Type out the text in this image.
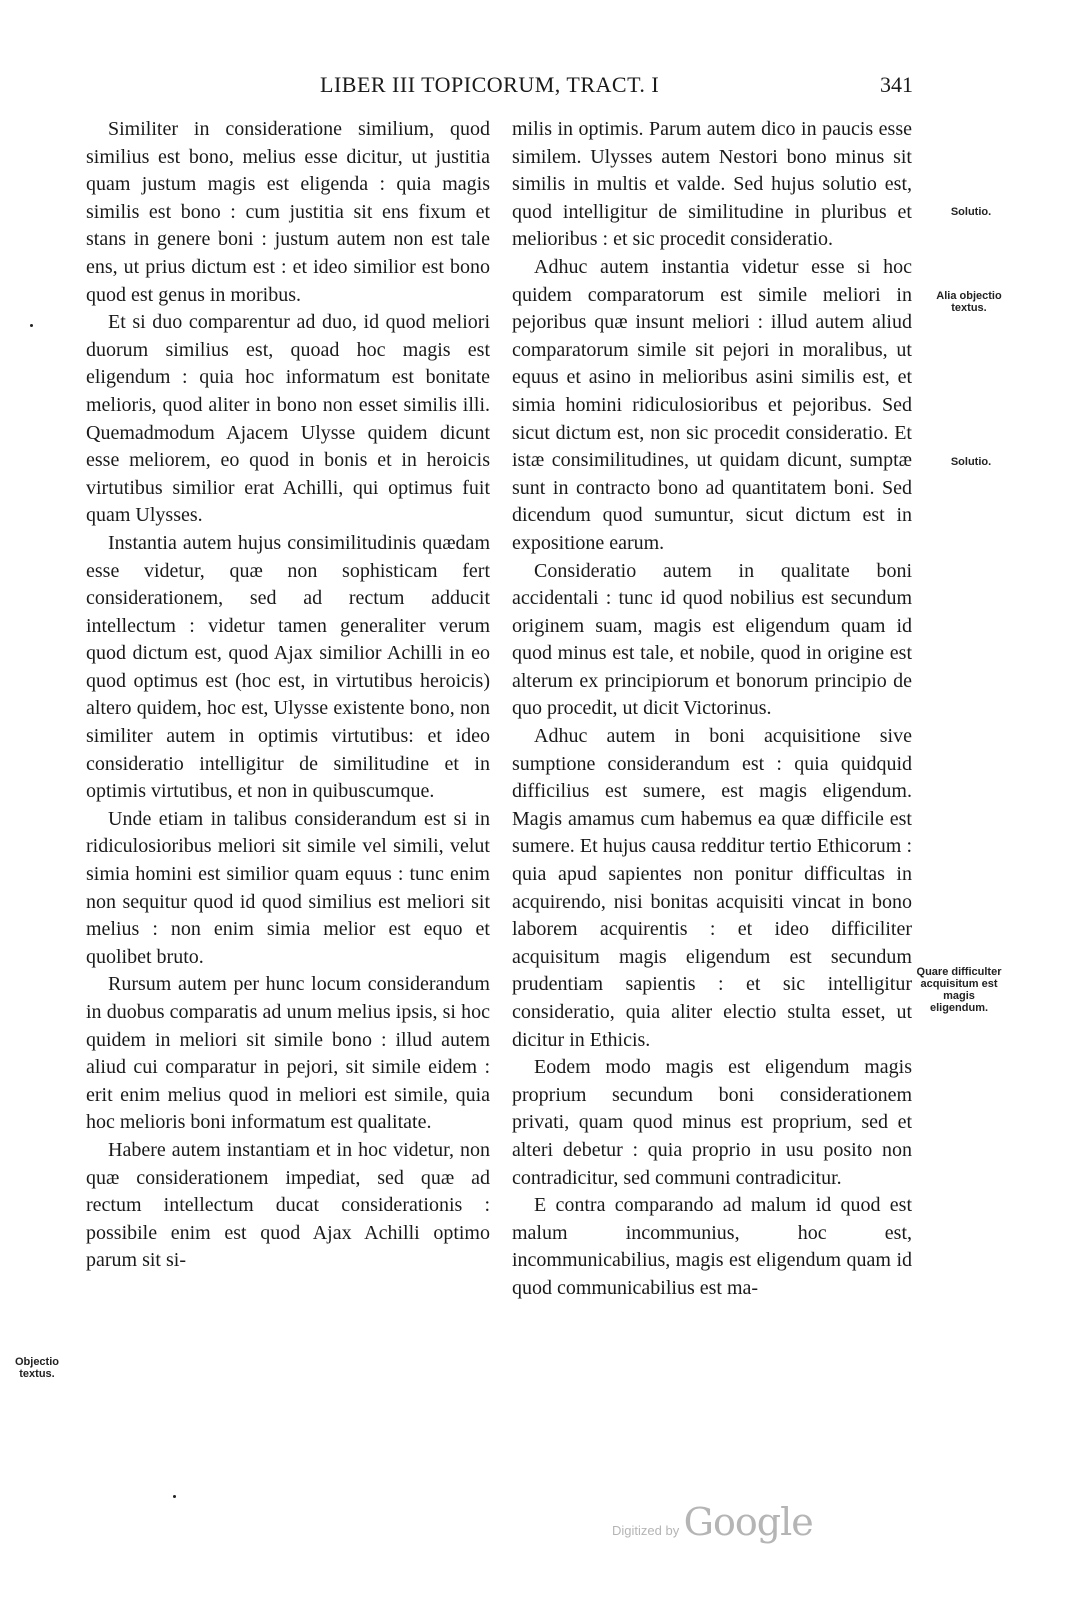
LIBER III TOPICORUM, TRACT. I	341

Similiter in consideratione similium, quod similius est bono, melius esse dicitur, ut justitia quam justum magis est eligenda : quia magis similis est bono : cum justitia sit ens fixum et stans in genere boni : justum autem non est tale ens, ut prius dictum est : et ideo similior est bono quod est genus in moribus.

Et si duo comparentur ad duo, id quod meliori duorum similius est, quoad hoc magis est eligendum : quia hoc informatum est bonitate melioris, quod aliter in bono non esset similis illi. Quemadmodum Ajacem Ulysse quidem dicunt esse meliorem, eo quod in bonis et in heroicis virtutibus similior erat Achilli, qui optimus fuit quam Ulysses.

Instantia autem hujus consimilitudinis quædam esse videtur, quæ non sophisticam fert considerationem, sed ad rectum adducit intellectum : videtur tamen generaliter verum quod dictum est, quod Ajax similior Achilli in eo quod optimus est (hoc est, in virtutibus heroicis) altero quidem, hoc est, Ulysse existente bono, non similiter autem in optimis virtutibus: et ideo consideratio intelligitur de similitudine et in optimis virtutibus, et non in quibuscumque.

Unde etiam in talibus considerandum est si in ridiculosioribus meliori sit simile vel simili, velut simia homini est similior quam equus : tunc enim non sequitur quod id quod similius est meliori sit melius : non enim simia melior est equo et quolibet bruto.

Rursum autem per hunc locum considerandum in duobus comparatis ad unum melius ipsis, si hoc quidem in meliori sit simile bono : illud autem aliud cui comparatur in pejori, sit simile eidem : erit enim melius quod in meliori est simile, quia hoc melioris boni informatum est qualitate.

Habere autem instantiam et in hoc videtur, non quæ considerationem impediat, sed quæ ad rectum intellectum ducat considerationis : possibile enim est quod Ajax Achilli optimo parum sit si-

milis in optimis. Parum autem dico in paucis esse similem. Ulysses autem Nestori bono minus sit similis in multis et valde. Sed hujus solutio est, quod intelligitur de similitudine in pluribus et melioribus : et sic procedit consideratio.

Adhuc autem instantia videtur esse si hoc quidem comparatorum est simile meliori in pejoribus quæ insunt meliori : illud autem aliud comparatorum simile sit pejori in moralibus, ut equus et asino in melioribus asini similis est, et simia homini ridiculosioribus et pejoribus. Sed sicut dictum est, non sic procedit consideratio. Et istæ consimilitudines, ut quidam dicunt, sumptæ sunt in contracto bono ad quantitatem boni. Sed dicendum quod sumuntur, sicut dictum est in expositione earum.

Consideratio autem in qualitate boni accidentali : tunc id quod nobilius est secundum originem suam, magis est eligendum quam id quod minus est tale, et nobile, quod in origine est alterum ex principiorum et bonorum principio de quo procedit, ut dicit Victorinus.

Adhuc autem in boni acquisitione sive sumptione considerandum est : quia quidquid difficilius est sumere, est magis eligendum. Magis amamus cum habemus ea quæ difficile est sumere. Et hujus causa redditur tertio Ethicorum : quia apud sapientes non ponitur difficultas in acquirendo, nisi bonitas acquisiti vincat in bono laborem acquirentis : et ideo difficiliter acquisitum magis eligendum est secundum prudentiam sapientis : et sic intelligitur consideratio, quia aliter electio stulta esset, ut dicitur in Ethicis.

Eodem modo magis est eligendum magis proprium secundum boni considerationem privati, quam quod minus est proprium, sed et alteri debetur : quia proprio in usu posito non contradicitur, sed communi contradicitur.

E contra comparando ad malum id quod est malum incommunius, hoc est, incommunicabilius, magis est eligendum quam id quod communicabilius est ma-

Solutio.
Alia objectio textus.
Solutio.
Quare difficulter acquisitum est magis eligendum.
Objectio textus.
Digitized by Google
